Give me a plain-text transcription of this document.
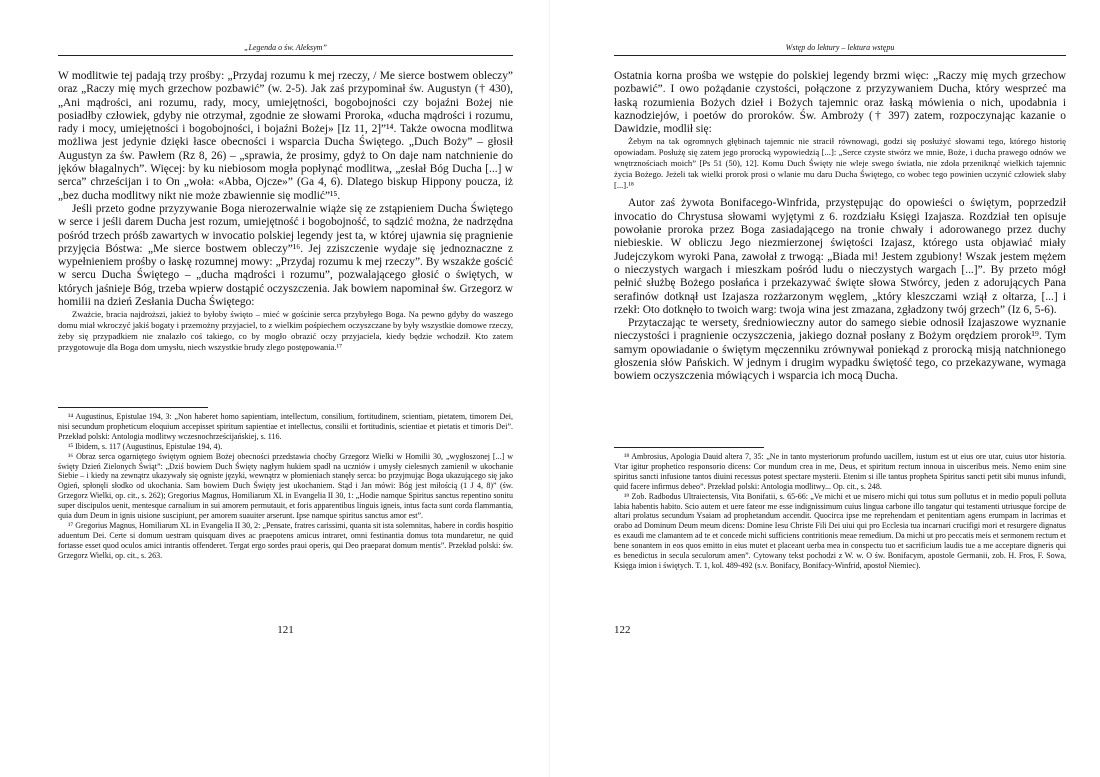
„Legenda o św. Aleksym”

W modlitwie tej padają trzy prośby: „Przydaj rozumu k mej rzeczy, / Me sierce bostwem obleczy” oraz „Raczy mię mych grzechow pozbawić” (w. 2-5). Jak zaś przypominał św. Augustyn († 430), „Ani mądrości, ani rozumu, rady, mocy, umiejętności, bogobojności czy bojaźni Bożej nie posiadłby człowiek, gdyby nie otrzymał, zgodnie ze słowami Proroka, «ducha mądrości i rozumu, rady i mocy, umiejętności i bogobojności, i bojaźni Bożej» [Iz 11, 2]”¹⁴. Także owocna modlitwa możliwa jest jedynie dzięki łasce obecności i wsparcia Ducha Świętego. „Duch Boży” – głosił Augustyn za św. Pawłem (Rz 8, 26) – „sprawia, że prosimy, gdyż to On daje nam natchnienie do jęków błagalnych”. Więcej: by ku niebiosom mogła popłynąć modlitwa, „zesłał Bóg Ducha [...] w serca” chrześcijan i to On „woła: «Abba, Ojcze»” (Ga 4, 6). Dlatego biskup Hippony poucza, iż „bez ducha modlitwy nikt nie może zbawiennie się modlić”¹⁵.

Jeśli przeto godne przyzywanie Boga nierozerwalnie wiąże się ze zstąpieniem Ducha Świętego w serce i jeśli darem Ducha jest rozum, umiejętność i bogobojność, to sądzić można, że nadrzędna pośród trzech próśb zawartych w invocatio polskiej legendy jest ta, w której ujawnia się pragnienie przyjęcia Bóstwa: „Me sierce bostwem obleczy”¹⁶. Jej zziszczenie wydaje się jednoznaczne z wypełnieniem prośby o łaskę rozumnej mowy: „Przydaj rozumu k mej rzeczy”. By wszakże gościć w sercu Ducha Świętego – „ducha mądrości i rozumu”, pozwalającego głosić o świętych, w których jaśnieje Bóg, trzeba wpierw dostąpić oczyszczenia. Jak bowiem napominał św. Grzegorz w homilii na dzień Zesłania Ducha Świętego:

Zważcie, bracia najdroższi, jakież to byłoby święto – mieć w gościnie serca przybyłego Boga. Na pewno gdyby do waszego domu miał wkroczyć jakiś bogaty i przemożny przyjaciel, to z wielkim pośpiechem oczyszczane by były wszystkie domowe rzeczy, żeby się przypadkiem nie znalazło coś takiego, co by mogło obrazić oczy przyjaciela, kiedy będzie wchodził. Kto zatem przygotowuje dla Boga dom umysłu, niech wszystkie brudy zlego postępowania.¹⁷

¹⁴ Augustinus, Epistulae 194, 3: „Non haberet homo sapientiam, intellectum, consilium, fortitudinem, scientiam, pietatem, timorem Dei, nisi secundum propheticum eloquium accepisset spiritum sapientiae et intellectus, consilii et fortitudinis, scientiae et pietatis et timoris Dei”. Przekład polski: Antologia modlitwy wczesnochrześcijańskiej, s. 116.

¹⁵ Ibidem, s. 117 (Augustinus, Epistulae 194, 4).

¹⁶ Obraz serca ogarniętego świętym ogniem Bożej obecności przedstawia choćby Grzegorz Wielki w Homilii 30, „wygłoszonej [...] w święty Dzień Zielonych Świąt”: „Dziś bowiem Duch Święty nagłym hukiem spadł na uczniów i umysły cielesnych zamienił w ukochanie Siebie – i kiedy na zewnątrz ukazywały się ogniste języki, wewnątrz w płomieniach stanęły serca: bo przyjmując Boga ukazującego się jako Ogień, spłonęli słodko od ukochania. Sam bowiem Duch Święty jest ukochaniem. Stąd i Jan mówi: Bóg jest miłością (1 J 4, 8)” (św. Grzegorz Wielki, op. cit., s. 262); Gregorius Magnus, Homiliarum XL in Evangelia II 30, 1: „Hodie namque Spiritus sanctus repentino sonitu super discipulos uenit, mentesque carnalium in sui amorem permutauit, et foris apparentibus linguis igneis, intus facta sunt corda flammantia, quia dum Deum in ignis uisione suscipiunt, per amorem suauiter arserunt. Ipse namque spiritus sanctus amor est”.

¹⁷ Gregorius Magnus, Homiliarum XL in Evangelia II 30, 2: „Pensate, fratres carissimi, quanta sit ista solemnitas, habere in cordis hospitio aduentum Dei. Certe si domum uestram quisquam dives ac praepotens amicus intraret, omni festinantia domus tota mundaretur, ne quid fortasse esset quod oculos amici intrantis offenderet. Tergat ergo sordes praui operis, qui Deo praeparat domum mentis”. Przekład polski: św. Grzegorz Wielki, op. cit., s. 263.

121
Wstęp do lektury – lektura wstępu

Ostatnia korna prośba we wstępie do polskiej legendy brzmi więc: „Raczy mię mych grzechow pozbawić”. I owo pożądanie czystości, połączone z przyzywaniem Ducha, który wesprzeć ma łaską rozumienia Bożych dzieł i Bożych tajemnic oraz łaską mówienia o nich, upodabnia i kaznodziejów, i poetów do proroków. Św. Ambroży († 397) zatem, rozpoczynając kazanie o Dawidzie, modlił się:

Żebym na tak ogromnych głębinach tajemnic nie stracił równowagi, godzi się posłużyć słowami tego, którego historię opowiadam. Posłużę się zatem jego prorocką wypowiedzią [...]: „Serce czyste stwórz we mnie, Boże, i ducha prawego odnów we wnętrznościach moich” [Ps 51 (50), 12]. Komu Duch Święty nie wleje swego światła, nie zdoła przeniknąć wielkich tajemnic życia Bożego. Jeżeli tak wielki prorok prosi o wlanie mu daru Ducha Świętego, co wobec tego powinien uczynić człowiek słaby [...].¹⁸

Autor zaś żywota Bonifacego-Winfrida, przystępując do opowieści o świętym, poprzedził invocatio do Chrystusa słowami wyjętymi z 6. rozdziału Księgi Izajasza. Rozdział ten opisuje powołanie proroka przez Boga zasiadającego na tronie chwały i adorowanego przez duchy niebieskie. W obliczu Jego niezmierzonej świętości Izajasz, którego usta objawiać miały Judejczykom wyroki Pana, zawołał z trwogą: „Biada mi! Jestem zgubiony! Wszak jestem mężem o nieczystych wargach i mieszkam pośród ludu o nieczystych wargach [...]”. By przeto mógł pełnić służbę Bożego posłańca i przekazywać święte słowa Stwórcy, jeden z adorujących Pana serafinów dotknął ust Izajasza rozżarzonym węglem, „który kleszczami wziął z ołtarza, [...] i rzekł: Oto dotknęło to twoich warg: twoja wina jest zmazana, zgładzony twój grzech” (Iz 6, 5-6).

Przytaczając te wersety, średniowieczny autor do samego siebie odnosił Izajaszowe wyznanie nieczystości i pragnienie oczyszczenia, jakiego doznał posłany z Bożym orędziem prorok¹⁹. Tym samym opowiadanie o świętym męczenniku zrównywał poniekąd z prorocką misją natchnionego głoszenia słów Pańskich. W jednym i drugim wypadku świętość tego, co przekazywane, wymaga bowiem oczyszczenia mówiących i wsparcia ich mocą Ducha.

¹⁸ Ambrosius, Apologia Dauid altera 7, 35: „Ne in tanto mysteriorum profundo uacillem, iustum est ut eius ore utar, cuius utor historia. Vtar igitur prophetico responsorio dicens: Cor mundum crea in me, Deus, et spiritum rectum innoua in uisceribus meis. Nemo enim sine spiritus sancti infusione tantos diuini recessus potest spectare mysterii. Etenim si ille tantus propheta Spiritus sancti petit sibi munus infundi, quid facere infirmus debeo”. Przekład polski: Antologia modlitwy... Op. cit., s. 248.

¹⁹ Zob. Radbodus Ultraiectensis, Vita Bonifatii, s. 65-66: „Ve michi et ue misero michi qui totus sum pollutus et in medio populi polluta labia habentis habito. Scio autem et uere fateor me esse indignissimum cuius lingua carbone illo tangatur qui testamenti utriusque forcipe de altari prolatus secundum Ysaiam ad prophetandum accendit. Quocirca ipse me reprehendam et penitentiam agens erumpam in lacrimas et orabo ad Dominum Deum meum dicens: Domine Iesu Christe Fili Dei uiui qui pro Ecclesia tua incarnari crucifigi mori et resurgere dignatus es exaudi me clamantem ad te et concede michi sufficiens contritionis meae remedium. Da michi ut pro peccatis meis et sermonem rectum et bene sonantem in eos quos emitto in eius mutet et placeant uerba mea in conspectu tuo et sacrificium laudis tue a me acceptare digneris qui es benedictus in secula seculorum amen”. Cytowany tekst pochodzi z W. w. O św. Bonifacym, apostole Germanii, zob. H. Fros, F. Sowa, Księga imion i świętych. T. 1, kol. 489-492 (s.v. Bonifacy, Bonifacy-Winfrid, apostoł Niemiec).

122
